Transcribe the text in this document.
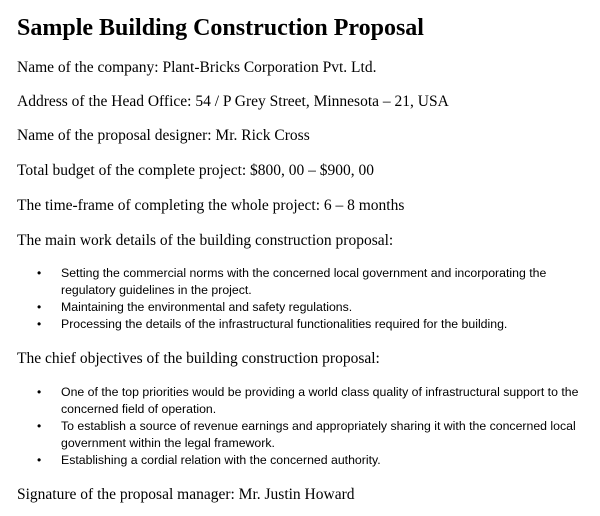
Sample Building Construction Proposal

Name of the company: Plant-Bricks Corporation Pvt. Ltd.

Address of the Head Office: 54 / P Grey Street, Minnesota – 21, USA

Name of the proposal designer: Mr. Rick Cross

Total budget of the complete project: $800, 00 – $900, 00

The time-frame of completing the whole project: 6 – 8 months

The main work details of the building construction proposal:

• Setting the commercial norms with the concerned local government and incorporating the regulatory guidelines in the project.
• Maintaining the environmental and safety regulations.
• Processing the details of the infrastructural functionalities required for the building.

The chief objectives of the building construction proposal:

• One of the top priorities would be providing a world class quality of infrastructural support to the concerned field of operation.
• To establish a source of revenue earnings and appropriately sharing it with the concerned local government within the legal framework.
• Establishing a cordial relation with the concerned authority.

Signature of the proposal manager: Mr. Justin Howard
